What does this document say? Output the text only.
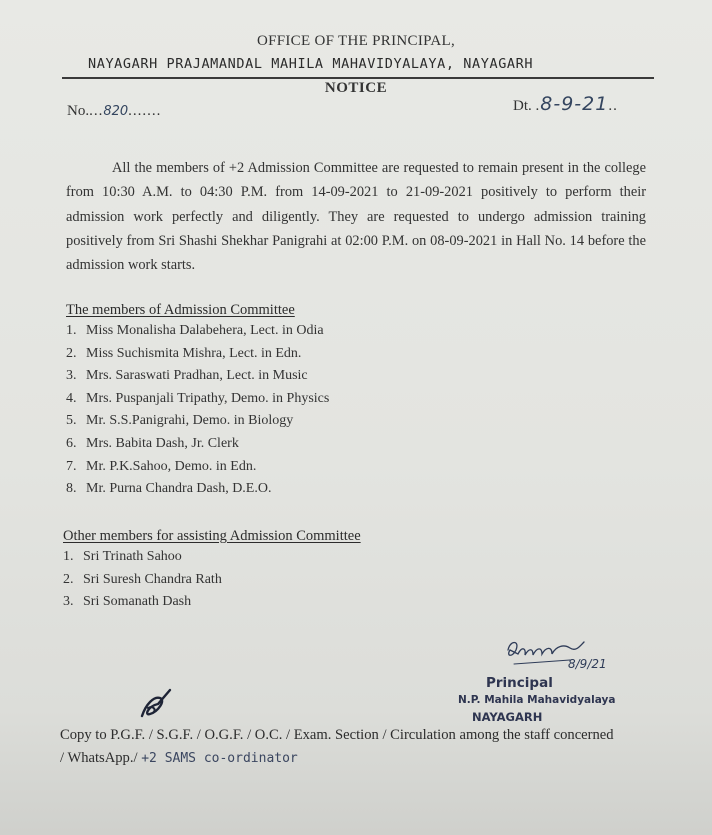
OFFICE OF THE PRINCIPAL,
NAYAGARH PRAJAMANDAL MAHILA MAHAVIDYALAYA, NAYAGARH
NOTICE
No....820.......	Dt. .8-9-21..

All the members of +2 Admission Committee are requested to remain present in the college from 10:30 A.M. to 04:30 P.M. from 14-09-2021 to 21-09-2021 positively to perform their admission work perfectly and diligently. They are requested to undergo admission training positively from Sri Shashi Shekhar Panigrahi at 02:00 P.M. on 08-09-2021 in Hall No. 14 before the admission work starts.

The members of Admission Committee
1. Miss Monalisha Dalabehera, Lect. in Odia
2. Miss Suchismita Mishra, Lect. in Edn.
3. Mrs. Saraswati Pradhan, Lect. in Music
4. Mrs. Puspanjali Tripathy, Demo. in Physics
5. Mr. S.S.Panigrahi, Demo. in Biology
6. Mrs. Babita Dash, Jr. Clerk
7. Mr. P.K.Sahoo, Demo. in Edn.
8. Mr. Purna Chandra Dash, D.E.O.
Other members for assisting Admission Committee
1. Sri Trinath Sahoo
2. Sri Suresh Chandra Rath
3. Sri Somanath Dash
8/9/21
Principal
N.P. Mahila Mahavidyalaya
NAYAGARH
Copy to P.G.F. / S.G.F. / O.G.F. / O.C. / Exam. Section / Circulation among the staff concerned / WhatsApp./ +2 SAMS co-ordinator
